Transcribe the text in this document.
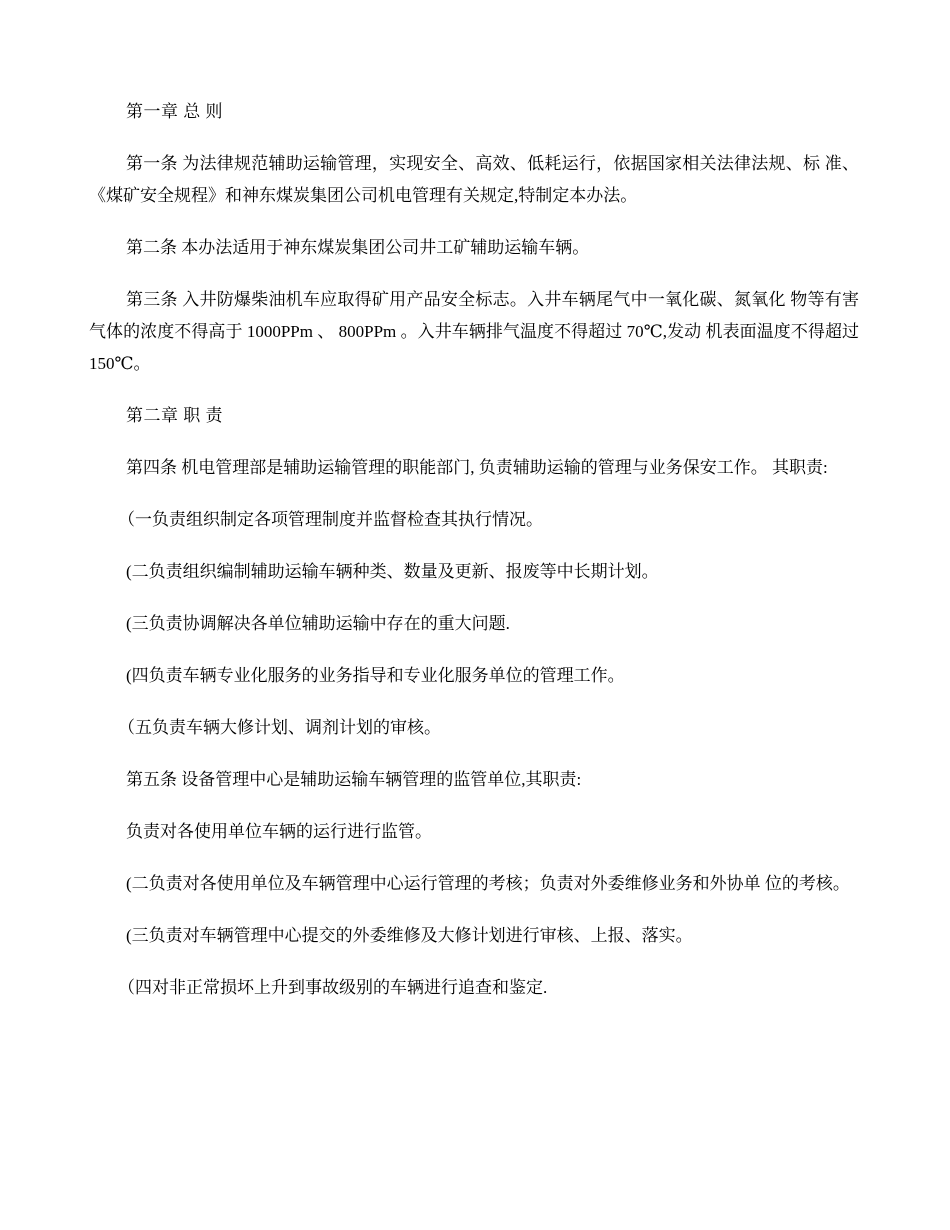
第一章 总 则

第一条 为法律规范辅助运输管理，实现安全、高效、低耗运行，依据国家相关法律法规、标 准、《煤矿安全规程》和神东煤炭集团公司机电管理有关规定,特制定本办法。

第二条 本办法适用于神东煤炭集团公司井工矿辅助运输车辆。

第三条 入井防爆柴油机车应取得矿用产品安全标志。入井车辆尾气中一氧化碳、氮氧化 物等有害气体的浓度不得高于 1000PPm 、 800PPm 。入井车辆排气温度不得超过 70℃,发动 机表面温度不得超过 150℃。

第二章 职 责

第四条 机电管理部是辅助运输管理的职能部门, 负责辅助运输的管理与业务保安工作。 其职责:

（一负责组织制定各项管理制度并监督检查其执行情况。

(二负责组织编制辅助运输车辆种类、数量及更新、报废等中长期计划。

(三负责协调解决各单位辅助运输中存在的重大问题.

(四负责车辆专业化服务的业务指导和专业化服务单位的管理工作。

（五负责车辆大修计划、调剂计划的审核。

第五条 设备管理中心是辅助运输车辆管理的监管单位,其职责:

负责对各使用单位车辆的运行进行监管。

(二负责对各使用单位及车辆管理中心运行管理的考核；负责对外委维修业务和外协单 位的考核。

(三负责对车辆管理中心提交的外委维修及大修计划进行审核、上报、落实。

（四对非正常损坏上升到事故级别的车辆进行追查和鉴定.
